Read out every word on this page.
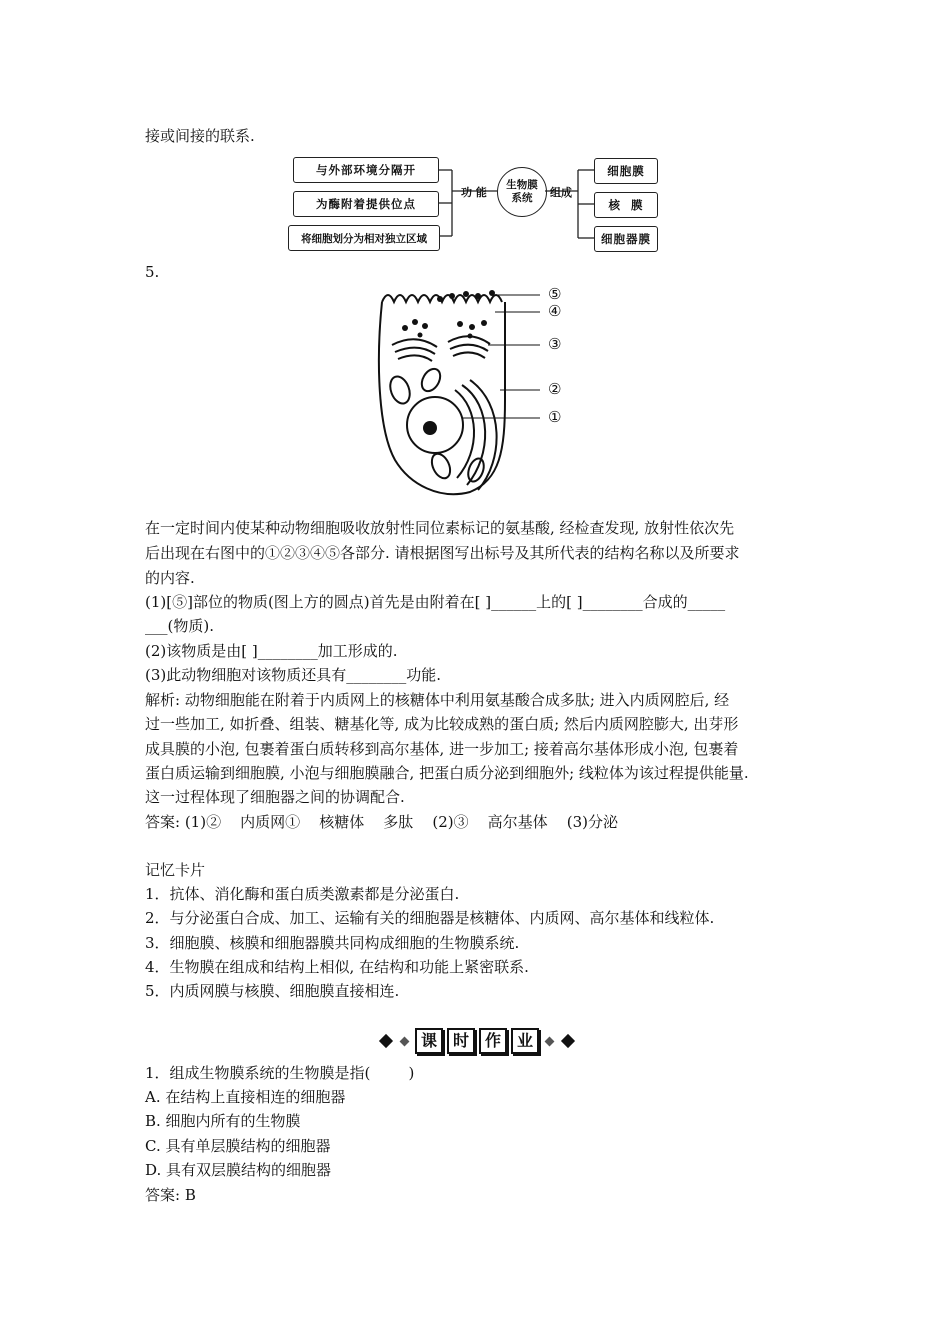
接或间接的联系.
与外部环境分隔开
为酶附着提供位点
将细胞划分为相对独立区域
功 能
生物膜
系统	组成
细胞膜
核  膜
细胞器膜
5.
⑤
④
③
②
①
在一定时间内使某种动物细胞吸收放射性同位素标记的氨基酸, 经检查发现, 放射性依次先
后出现在右图中的①②③④⑤各部分. 请根据图写出标号及其所代表的结构名称以及所要求
的内容.
(1)[⑤]部位的物质(图上方的圆点)首先是由附着在[ ]______上的[ ]________合成的_____
___(物质).
(2)该物质是由[ ]________加工形成的.
(3)此动物细胞对该物质还具有________功能.
解析: 动物细胞能在附着于内质网上的核糖体中利用氨基酸合成多肽; 进入内质网腔后, 经
过一些加工, 如折叠、组装、糖基化等, 成为比较成熟的蛋白质; 然后内质网腔膨大, 出芽形
成具膜的小泡, 包裹着蛋白质转移到高尔基体, 进一步加工; 接着高尔基体形成小泡, 包裹着
蛋白质运输到细胞膜, 小泡与细胞膜融合, 把蛋白质分泌到细胞外; 线粒体为该过程提供能量.
这一过程体现了细胞器之间的协调配合.
答案: (1)②    内质网①    核糖体    多肽    (2)③    高尔基体    (3)分泌
记忆卡片
1．抗体、消化酶和蛋白质类激素都是分泌蛋白.
2．与分泌蛋白合成、加工、运输有关的细胞器是核糖体、内质网、高尔基体和线粒体.
3．细胞膜、核膜和细胞器膜共同构成细胞的生物膜系统.
4．生物膜在组成和结构上相似, 在结构和功能上紧密联系.
5．内质网膜与核膜、细胞膜直接相连.
课 时 作 业
1．组成生物膜系统的生物膜是指(        )
A. 在结构上直接相连的细胞器
B. 细胞内所有的生物膜
C. 具有单层膜结构的细胞器
D. 具有双层膜结构的细胞器
答案: B
